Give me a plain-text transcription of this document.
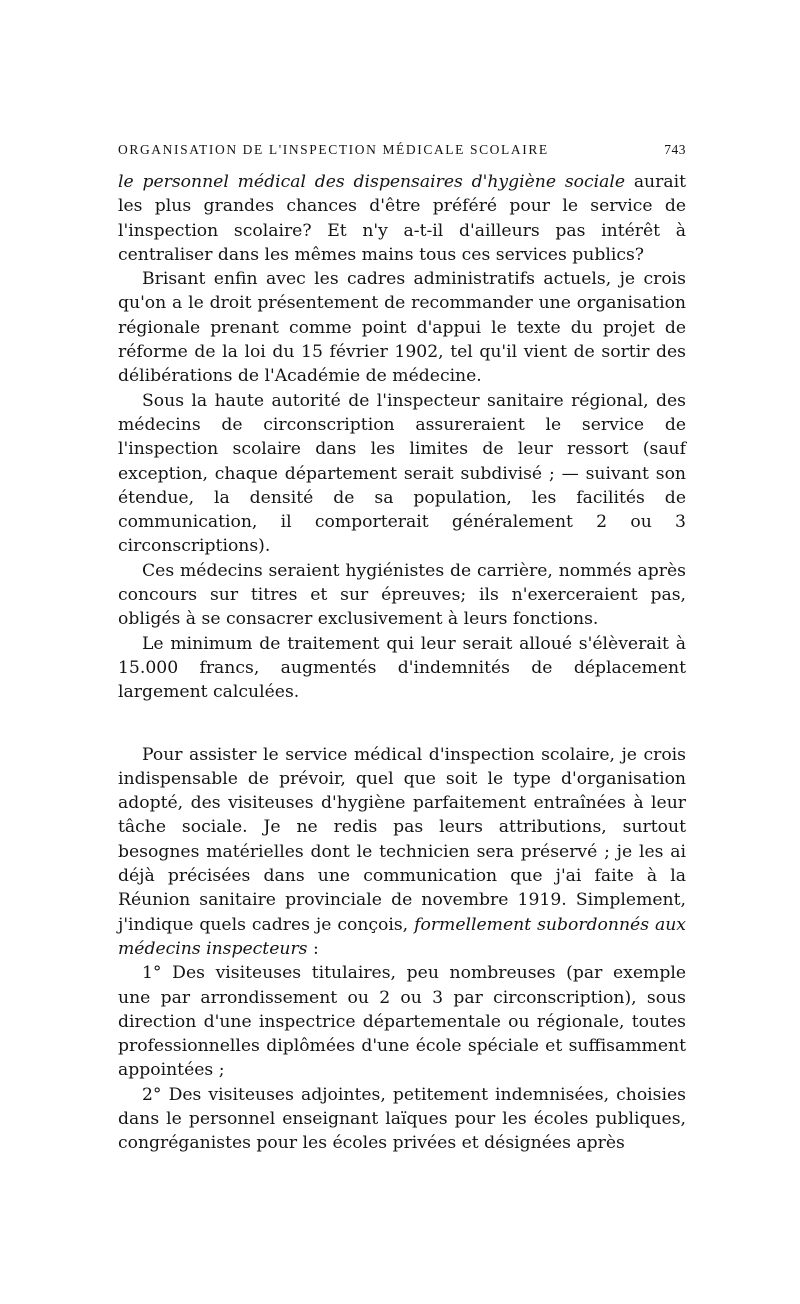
ORGANISATION DE L'INSPECTION MÉDICALE SCOLAIRE	743

le personnel médical des dispensaires d'hygiène sociale aurait les plus grandes chances d'être préféré pour le service de l'inspection scolaire? Et n'y a-t-il d'ailleurs pas intérêt à centraliser dans les mêmes mains tous ces services publics?

Brisant enfin avec les cadres administratifs actuels, je crois qu'on a le droit présentement de recommander une organisation régionale prenant comme point d'appui le texte du projet de réforme de la loi du 15 février 1902, tel qu'il vient de sortir des délibérations de l'Académie de médecine.

Sous la haute autorité de l'inspecteur sanitaire régional, des médecins de circonscription assureraient le service de l'inspection scolaire dans les limites de leur ressort (sauf exception, chaque département serait subdivisé ; — suivant son étendue, la densité de sa population, les facilités de communication, il comporterait généralement 2 ou 3 circonscriptions).

Ces médecins seraient hygiénistes de carrière, nommés après concours sur titres et sur épreuves; ils n'exerceraient pas, obligés à se consacrer exclusivement à leurs fonctions.

Le minimum de traitement qui leur serait alloué s'élèverait à 15.000 francs, augmentés d'indemnités de déplacement largement calculées.

Pour assister le service médical d'inspection scolaire, je crois indispensable de prévoir, quel que soit le type d'organisation adopté, des visiteuses d'hygiène parfaitement entraînées à leur tâche sociale. Je ne redis pas leurs attributions, surtout besognes matérielles dont le technicien sera préservé ; je les ai déjà précisées dans une communication que j'ai faite à la Réunion sanitaire provinciale de novembre 1919. Simplement, j'indique quels cadres je conçois, formellement subordonnés aux médecins inspecteurs :

1° Des visiteuses titulaires, peu nombreuses (par exemple une par arrondissement ou 2 ou 3 par circonscription), sous direction d'une inspectrice départementale ou régionale, toutes professionnelles diplômées d'une école spéciale et suffisamment appointées ;

2° Des visiteuses adjointes, petitement indemnisées, choisies dans le personnel enseignant laïques pour les écoles publiques, congréganistes pour les écoles privées et désignées après
